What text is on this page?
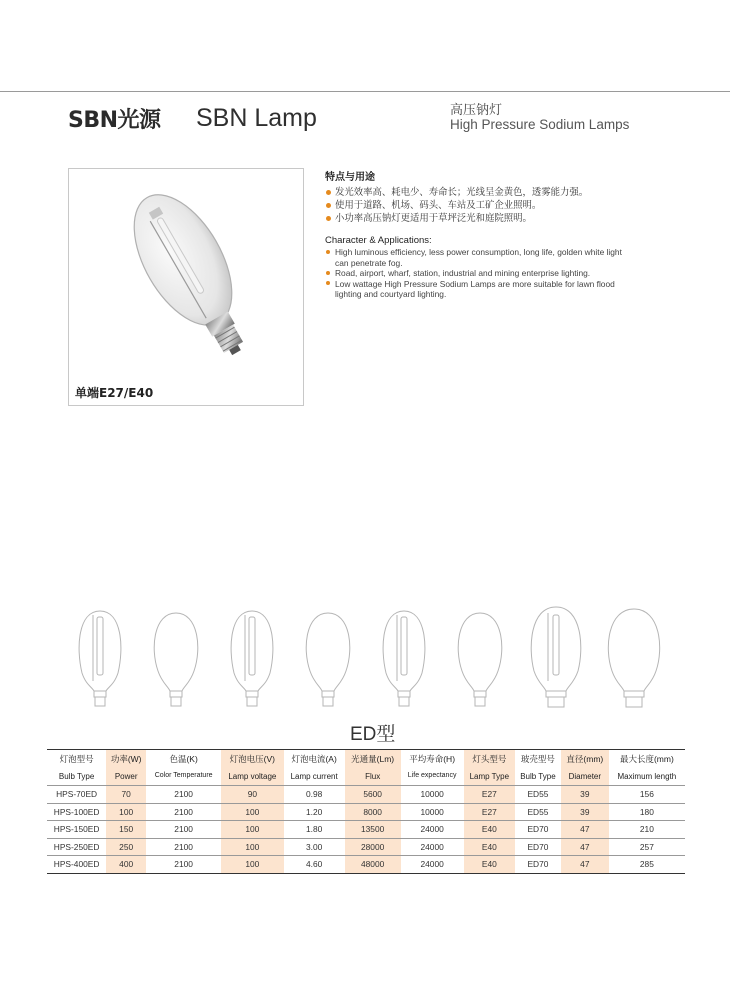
SBN光源 SBN Lamp	高压钠灯
High Pressure Sodium Lamps
单端E27/E40
特点与用途
发光效率高、耗电少、寿命长；光线呈金黄色，透雾能力强。
使用于道路、机场、码头、车站及工矿企业照明。
小功率高压钠灯更适用于草坪泛光和庭院照明。
Character & Applications:
High luminous efficiency, less power consumption, long life, golden white light can penetrate fog.
Road, airport, wharf, station, industrial and mining enterprise lighting.
Low wattage High Pressure Sodium Lamps are more suitable for lawn flood lighting and courtyard lighting.
ED型
灯泡型号	功率(W)	色温(K)	灯泡电压(V)	灯泡电流(A)	光通量(Lm)	平均寿命(H)	灯头型号	玻壳型号	直径(mm)	最大长度(mm)
Bulb Type	Power	Color Temperature	Lamp voltage	Lamp current	Flux	Life expectancy	Lamp Type	Bulb Type	Diameter	Maximum length
HPS-70ED	70	2100	90	0.98	5600	10000	E27	ED55	39	156
HPS-100ED	100	2100	100	1.20	8000	10000	E27	ED55	39	180
HPS-150ED	150	2100	100	1.80	13500	24000	E40	ED70	47	210
HPS-250ED	250	2100	100	3.00	28000	24000	E40	ED70	47	257
HPS-400ED	400	2100	100	4.60	48000	24000	E40	ED70	47	285
